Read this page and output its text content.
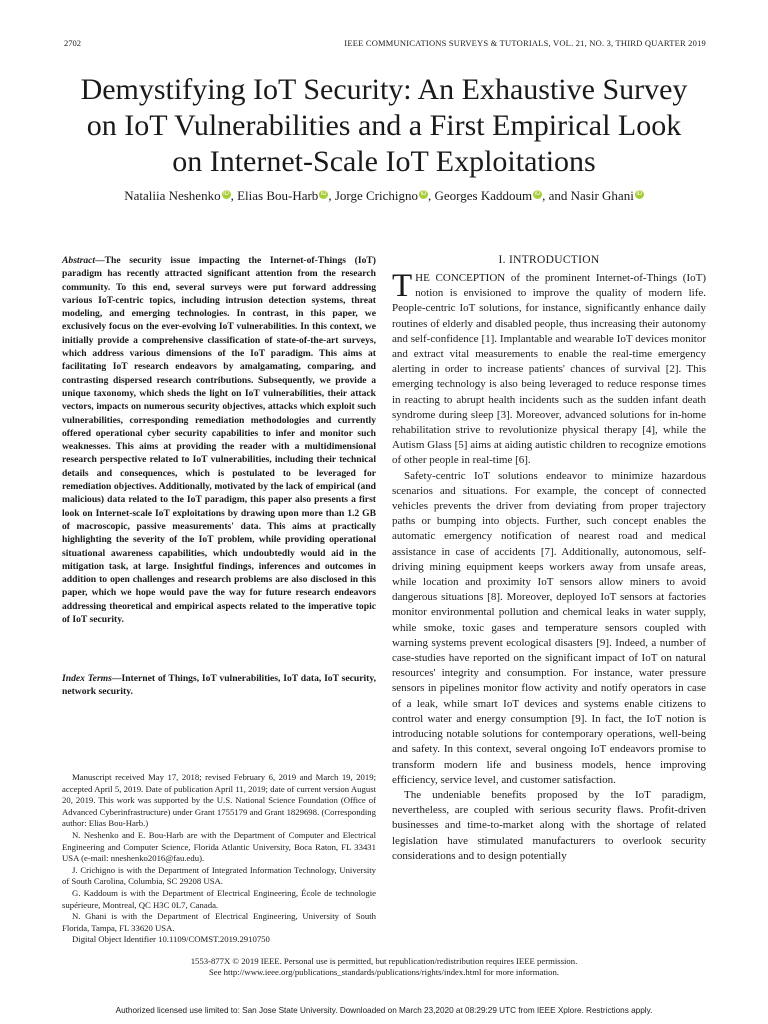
2702	IEEE COMMUNICATIONS SURVEYS & TUTORIALS, VOL. 21, NO. 3, THIRD QUARTER 2019
Demystifying IoT Security: An Exhaustive Survey
on IoT Vulnerabilities and a First Empirical Look
on Internet-Scale IoT Exploitations
Nataliia Neshenko iD , Elias Bou-Harb iD , Jorge Crichigno iD , Georges Kaddoum iD , and Nasir Ghani iD
Abstract—The security issue impacting the Internet-of-Things (IoT) paradigm has recently attracted significant attention from the research community. To this end, several surveys were put forward addressing various IoT-centric topics, including intrusion detection systems, threat modeling, and emerging technologies. In contrast, in this paper, we exclusively focus on the ever-evolving IoT vulnerabilities. In this context, we initially provide a comprehensive classification of state-of-the-art surveys, which address various dimensions of the IoT paradigm. This aims at facilitating IoT research endeavors by amalgamating, comparing, and contrasting dispersed research contributions. Subsequently, we provide a unique taxonomy, which sheds the light on IoT vulnerabilities, their attack vectors, impacts on numerous security objectives, attacks which exploit such vulnerabilities, corresponding remediation methodologies and currently offered operational cyber security capabilities to infer and monitor such weaknesses. This aims at providing the reader with a multidimensional research perspective related to IoT vulnerabilities, including their technical details and consequences, which is postulated to be leveraged for remediation objectives. Additionally, motivated by the lack of empirical (and malicious) data related to the IoT paradigm, this paper also presents a first look on Internet-scale IoT exploitations by drawing upon more than 1.2 GB of macroscopic, passive measurements' data. This aims at practically highlighting the severity of the IoT problem, while providing operational situational awareness capabilities, which undoubtedly would aid in the mitigation task, at large. Insightful findings, inferences and outcomes in addition to open challenges and research problems are also disclosed in this paper, which we hope would pave the way for future research endeavors addressing theoretical and empirical aspects related to the imperative topic of IoT security.
Index Terms—Internet of Things, IoT vulnerabilities, IoT data, IoT security, network security.

Manuscript received May 17, 2018; revised February 6, 2019 and March 19, 2019; accepted April 5, 2019. Date of publication April 11, 2019; date of current version August 20, 2019. This work was supported by the U.S. National Science Foundation (Office of Advanced Cyberinfrastructure) under Grant 1755179 and Grant 1829698. (Corresponding author: Elias Bou-Harb.)

N. Neshenko and E. Bou-Harb are with the Department of Computer and Electrical Engineering and Computer Science, Florida Atlantic University, Boca Raton, FL 33431 USA (e-mail: nneshenko2016@fau.edu).

J. Crichigno is with the Department of Integrated Information Technology, University of South Carolina, Columbia, SC 29208 USA.

G. Kaddoum is with the Department of Electrical Engineering, École de technologie supérieure, Montreal, QC H3C 0L7, Canada.

N. Ghani is with the Department of Electrical Engineering, University of South Florida, Tampa, FL 33620 USA.

Digital Object Identifier 10.1109/COMST.2019.2910750

I. INTRODUCTION

THE CONCEPTION of the prominent Internet-of-Things (IoT) notion is envisioned to improve the quality of modern life. People-centric IoT solutions, for instance, significantly enhance daily routines of elderly and disabled people, thus increasing their autonomy and self-confidence [1]. Implantable and wearable IoT devices monitor and extract vital measurements to enable the real-time emergency alerting in order to increase patients' chances of survival [2]. This emerging technology is also being leveraged to reduce response times in reacting to abrupt health incidents such as the sudden infant death syndrome during sleep [3]. Moreover, advanced solutions for in-home rehabilitation strive to revolutionize physical therapy [4], while the Autism Glass [5] aims at aiding autistic children to recognize emotions of other people in real-time [6].

Safety-centric IoT solutions endeavor to minimize hazardous scenarios and situations. For example, the concept of connected vehicles prevents the driver from deviating from proper trajectory paths or bumping into objects. Further, such concept enables the automatic emergency notification of nearest road and medical assistance in case of accidents [7]. Additionally, autonomous, self-driving mining equipment keeps workers away from unsafe areas, while location and proximity IoT sensors allow miners to avoid dangerous situations [8]. Moreover, deployed IoT sensors at factories monitor environmental pollution and chemical leaks in water supply, while smoke, toxic gases and temperature sensors coupled with warning systems prevent ecological disasters [9]. Indeed, a number of case-studies have reported on the significant impact of IoT on natural resources' integrity and consumption. For instance, water pressure sensors in pipelines monitor flow activity and notify operators in case of a leak, while smart IoT devices and systems enable citizens to control water and energy consumption [9]. In fact, the IoT notion is introducing notable solutions for contemporary operations, well-being and safety. In this context, several ongoing IoT endeavors promise to transform modern life and business models, hence improving efficiency, service level, and customer satisfaction.

The undeniable benefits proposed by the IoT paradigm, nevertheless, are coupled with serious security flaws. Profit-driven businesses and time-to-market along with the shortage of related legislation have stimulated manufacturers to overlook security considerations and to design potentially

1553-877X © 2019 IEEE. Personal use is permitted, but republication/redistribution requires IEEE permission.
See http://www.ieee.org/publications_standards/publications/rights/index.html for more information.
Authorized licensed use limited to: San Jose State University. Downloaded on March 23,2020 at 08:29:29 UTC from IEEE Xplore. Restrictions apply.
